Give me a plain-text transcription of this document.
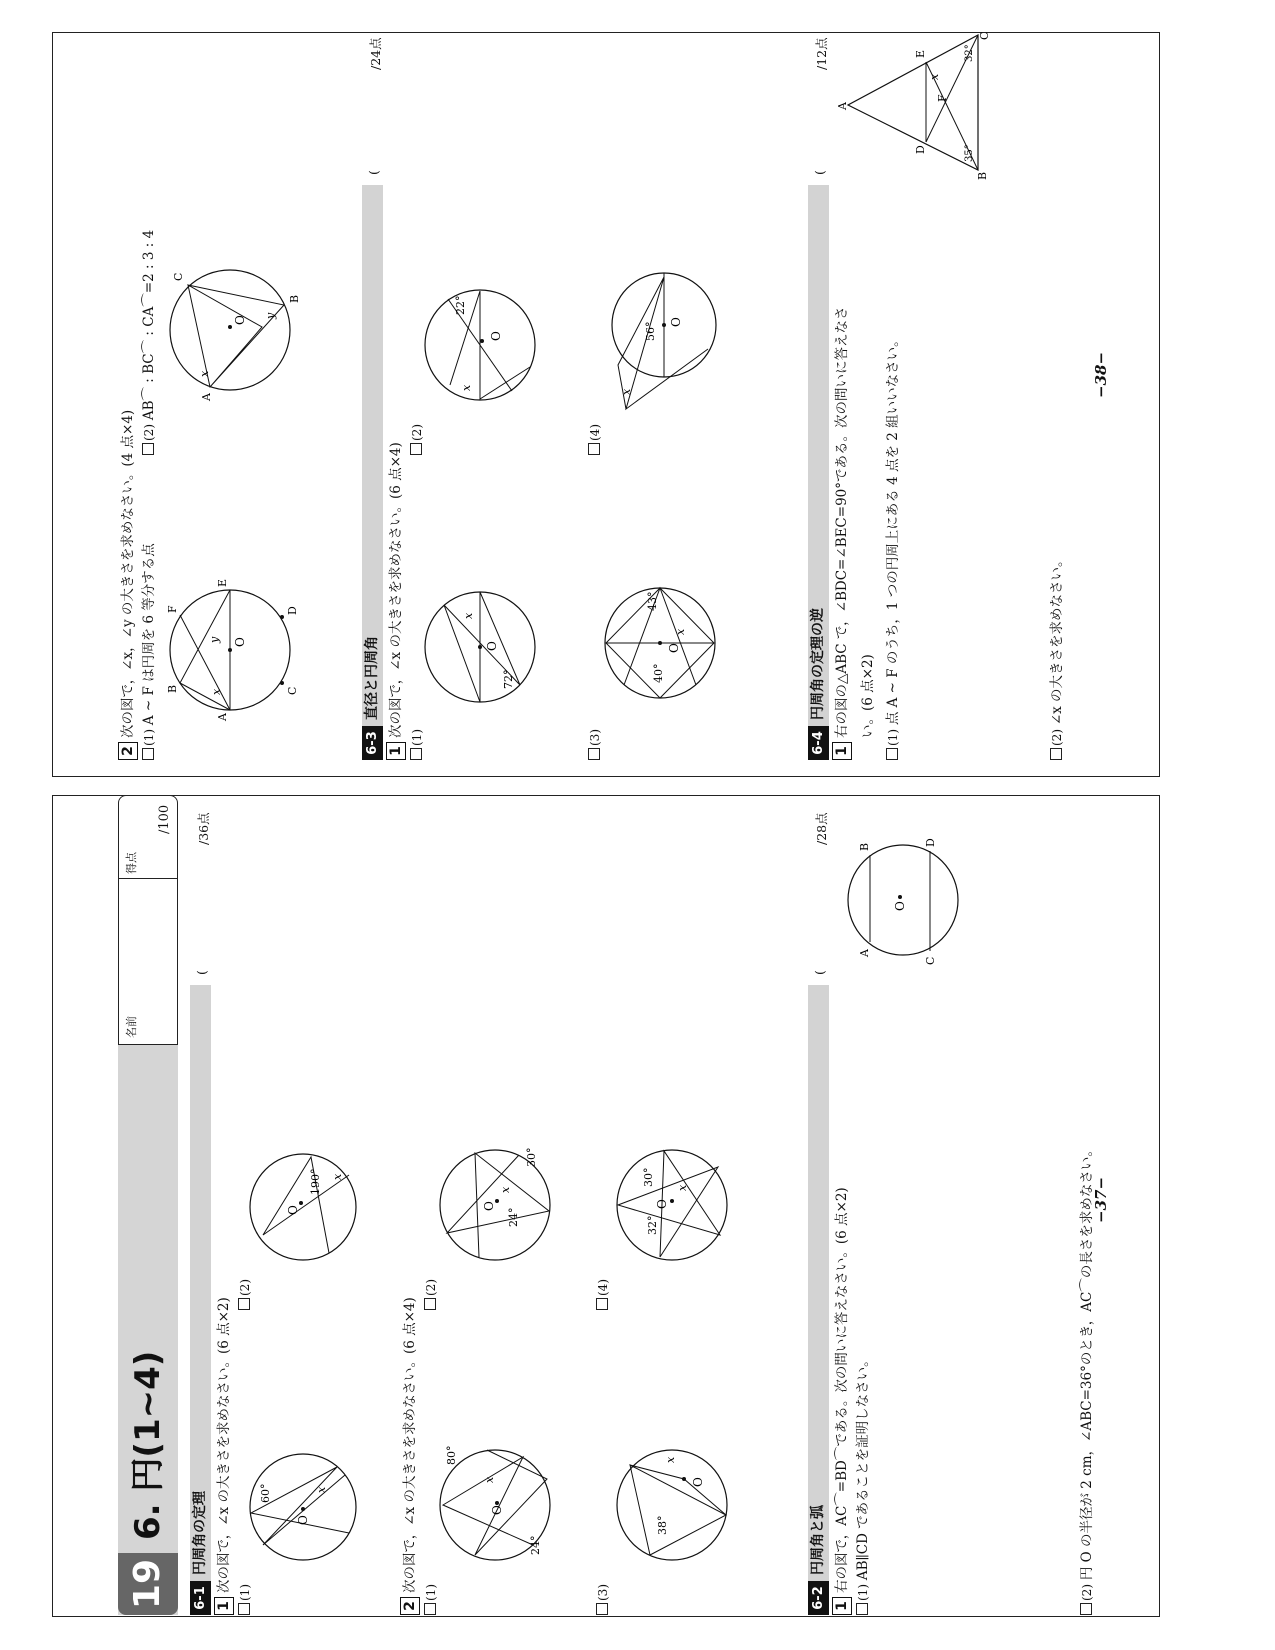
19
6. 円(1~4)
名前
得点
/100
6-1
円周角の定理
(
/36点
1
次の図で，∠x の大きさを求めなさい。(6 点×2) (1)
(2)
O
60°	x
O
190° x
2
次の図で，∠x の大きさを求めなさい。(6 点×4) (1)
(2)
O
80°
24°
x
O
24°
30°
x
(3)
(4)
O
38°
x
O
32°
30°
x
6-2
円周角と弧
(
/28点
1
右の図で，AC⌒=BD⌒である。次の問いに答えなさい。(6 点×2) (1) AB∥CD であることを証明しなさい。
(2) 円 O の半径が 2 cm，∠ABC=36°のとき，AC⌒の長さを求めなさい。
O
A
B
C
D
−37−
2
次の図で，∠x，∠y の大きさを求めなさい。(4 点×4) (1) A ~ F は円周を 6 等分する点
(2) AB⌒ : BC⌒ : CA⌒=2 : 3 : 4
A
B	C
D
E
F
O
x
y
A
B
C
O
x
y
6-3
直径と円周角
(
/24点
1
次の図で，∠x の大きさを求めなさい。(6 点×4) (1)
(2)
O
72°
x
O
22°
x
(3)
(4)
O
40°
43°
x
O
56°
x
6-4
円周角の定理の逆
(
/12点
1
右の図の△ABC で，∠BDC=∠BEC=90°である。次の問いに答えなさ い。(6 点×2) (1) 点 A ~ F のうち，1 つの円周上にある 4 点を 2 組いいなさい。
(2) ∠x の大きさを求めなさい。
A
B
C
D
E
F
32°
35°
x
−38−
